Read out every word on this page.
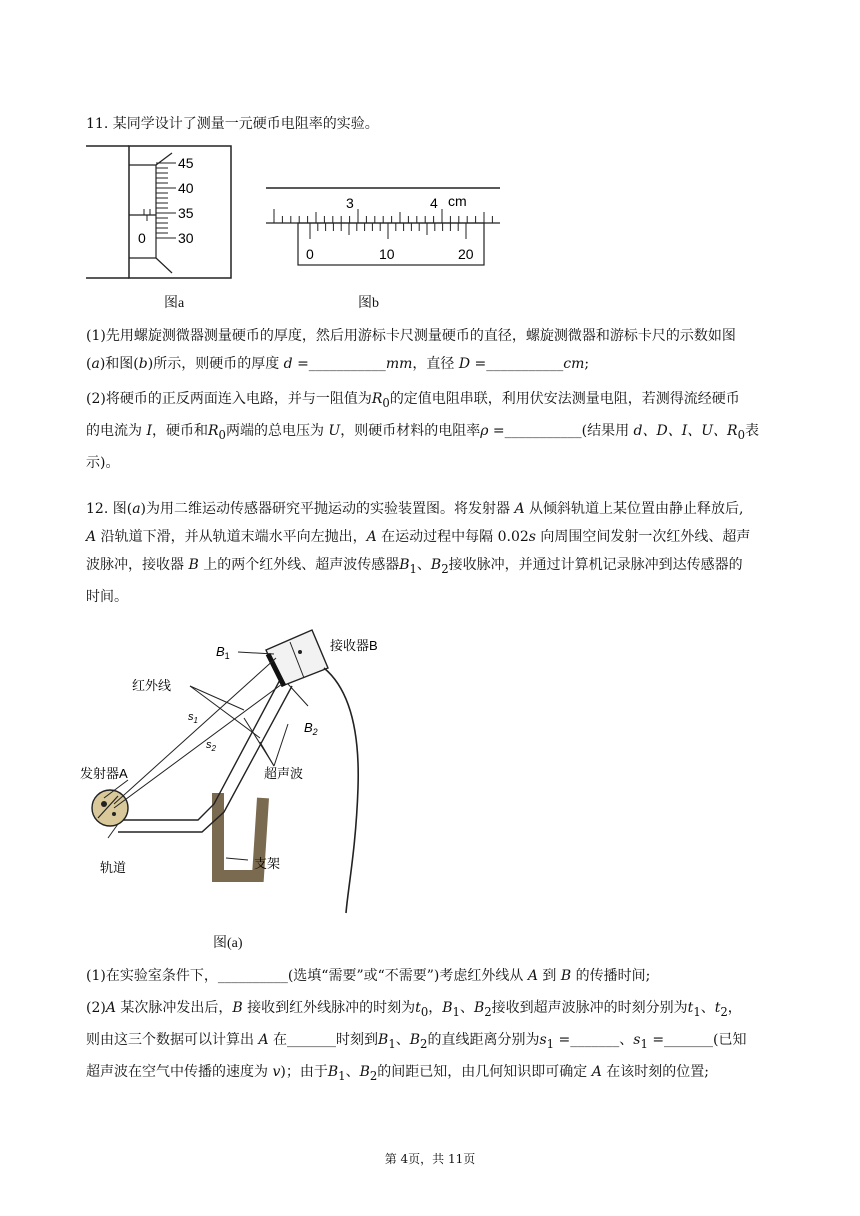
11. 某同学设计了测量一元硬币电阻率的实验。

45
40
35
30
0
图a
3	4 cm
0	10	20
图b
(1)先用螺旋测微器测量硬币的厚度，然后用游标卡尺测量硬币的直径，螺旋测微器和游标卡尺的示数如图
(a)和图(b)所示，则硬币的厚度 d =___________mm，直径 D =___________cm;
(2)将硬币的正反两面连入电路，并与一阻值为$R_0$的定值电阻串联，利用伏安法测量电阻，若测得流经硬币
的电流为 I，硬币和$R_0$两端的总电压为 U，则硬币材料的电阻率ρ =___________(结果用 d、D、I、U、$R_0$表
示)。
12. 图(a)为用二维运动传感器研究平抛运动的实验装置图。将发射器 A 从倾斜轨道上某位置由静止释放后,
A 沿轨道下滑，并从轨道末端水平向左抛出，A 在运动过程中每隔 0.02s 向周围空间发射一次红外线、超声
波脉冲，接收器 B 上的两个红外线、超声波传感器$B_1$、$B_2$接收脉冲，并通过计算机记录脉冲到达传感器的
时间。
$B_1$
接收器B
红外线
$s_1$
$s_2$
$B_2$
超声波
发射器A
轨道	支架
图(a)
(1)在实验室条件下，__________(选填“需要”或“不需要”)考虑红外线从 A 到 B 的传播时间;
(2)A 某次脉冲发出后，B 接收到红外线脉冲的时刻为$t_0$，$B_1$、$B_2$接收到超声波脉冲的时刻分别为$t_1$、$t_2$，
则由这三个数据可以计算出 A 在_______时刻到$B_1$、$B_2$的直线距离分别为$s_1$ =_______、$s_1$ =_______(已知
超声波在空气中传播的速度为 v)；由于$B_1$、$B_2$的间距已知，由几何知识即可确定 A 在该时刻的位置;
第 4页，共 11页
